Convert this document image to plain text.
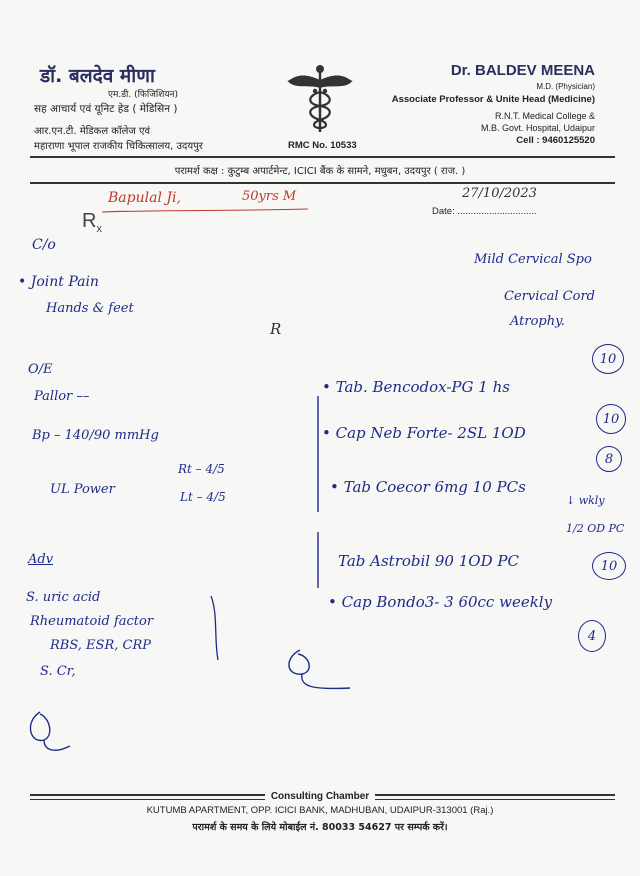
डॉ. बलदेव मीणा
एम.डी. (फिजिशियन)
सह आचार्य एवं यूनिट हेड ( मेडिसिन )
आर.एन.टी. मेडिकल कॉलेज एवं
महाराणा भूपाल राजकीय चिकित्सालय, उदयपुर	RMC No. 10533
Dr. BALDEV MEENA
M.D. (Physician)
Associate Professor & Unite Head (Medicine)
R.N.T. Medical College &
M.B. Govt. Hospital, Udaipur
Cell : 9460125520
परामर्श कक्ष : कुटुम्ब अपार्टमेन्ट, ICICI बैंक के सामने, मधुबन, उदयपुर ( राज. )
Bapulal Ji,	50yrs M	27/10/2023
Date: ..............................
$R_x$
C/o
• Joint Pain
Hands & feet
O/E
Pallor ––
Bp – 140/90 mmHg
UL Power
Rt – 4/5
Lt – 4/5
Mild Cervical Spo
Cervical Cord
Atrophy.
R
• Tab. Bencodox-PG 1 hs
• Cap Neb Forte- 2SL 1OD
• Tab Coecor 6mg 10 PCs
↓ wkly
1/2 OD PC
Tab Astrobil 90 1OD PC
• Cap Bondo3- 3 60cc weekly
10
10
8
10
4
Adv
S. uric acid
Rheumatoid factor
RBS, ESR, CRP
S. Cr,
Consulting Chamber
KUTUMB APARTMENT, OPP. ICICI BANK, MADHUBAN, UDAIPUR-313001 (Raj.)
परामर्श के समय के लिये मोबाईल नं. 80033 54627 पर सम्पर्क करें।
